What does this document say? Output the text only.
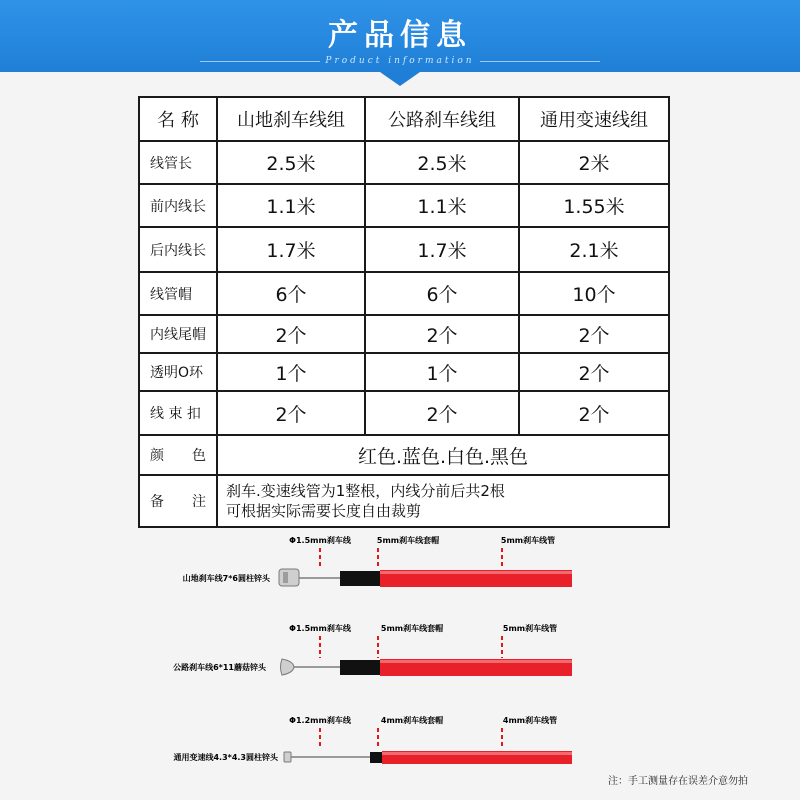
产品信息
Product information
名 称	山地刹车线组	公路刹车线组	通用变速线组
线管长	2.5米	2.5米	2米
前内线长	1.1米	1.1米	1.55米
后内线长	1.7米	1.7米	2.1米
线管帽	6个	6个	10个
内线尾帽	2个	2个	2个
透明O环	1个	1个	2个
线 束 扣	2个	2个	2个
颜　　色	红色.蓝色.白色.黑色		
备　　注	刹车.变速线管为1整根，内线分前后共2根
可根据实际需要长度自由裁剪		
Φ1.5mm刹车线	5mm刹车线套帽	5mm刹车线管
山地刹车线7*6圆柱锌头
Φ1.5mm刹车线	5mm刹车线套帽	5mm刹车线管
公路刹车线6*11蘑菇锌头
Φ1.2mm刹车线	4mm刹车线套帽	4mm刹车线管
通用变速线4.3*4.3圆柱锌头
注：手工测量存在误差介意勿拍
